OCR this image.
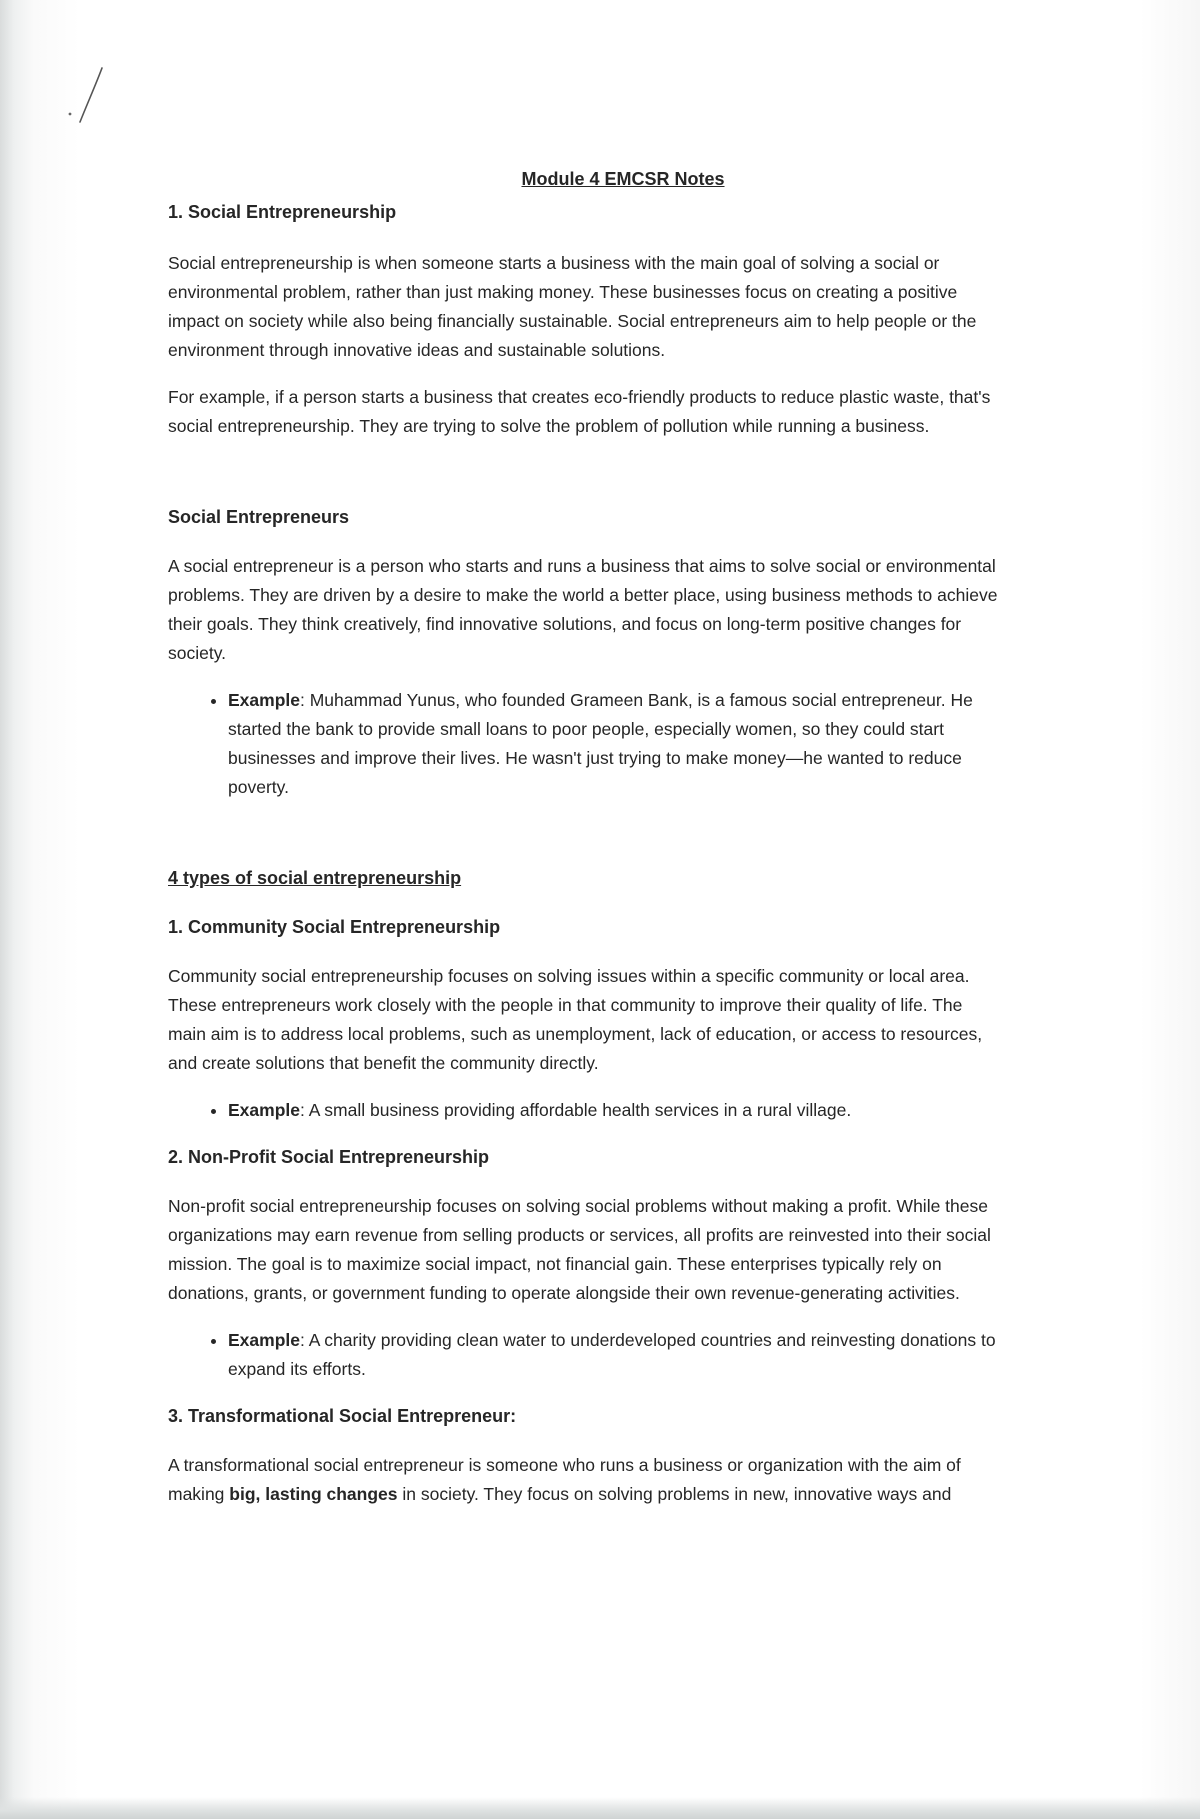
Module 4 EMCSR Notes
1. Social Entrepreneurship

Social entrepreneurship is when someone starts a business with the main goal of solving a social or environmental problem, rather than just making money. These businesses focus on creating a positive impact on society while also being financially sustainable. Social entrepreneurs aim to help people or the environment through innovative ideas and sustainable solutions.

For example, if a person starts a business that creates eco-friendly products to reduce plastic waste, that's social entrepreneurship. They are trying to solve the problem of pollution while running a business.

Social Entrepreneurs

A social entrepreneur is a person who starts and runs a business that aims to solve social or environmental problems. They are driven by a desire to make the world a better place, using business methods to achieve their goals. They think creatively, find innovative solutions, and focus on long-term positive changes for society.

• Example: Muhammad Yunus, who founded Grameen Bank, is a famous social entrepreneur. He started the bank to provide small loans to poor people, especially women, so they could start businesses and improve their lives. He wasn't just trying to make money—he wanted to reduce poverty.
4 types of social entrepreneurship
1. Community Social Entrepreneurship

Community social entrepreneurship focuses on solving issues within a specific community or local area. These entrepreneurs work closely with the people in that community to improve their quality of life. The main aim is to address local problems, such as unemployment, lack of education, or access to resources, and create solutions that benefit the community directly.

• Example: A small business providing affordable health services in a rural village.
2. Non-Profit Social Entrepreneurship

Non-profit social entrepreneurship focuses on solving social problems without making a profit. While these organizations may earn revenue from selling products or services, all profits are reinvested into their social mission. The goal is to maximize social impact, not financial gain. These enterprises typically rely on donations, grants, or government funding to operate alongside their own revenue-generating activities.

• Example: A charity providing clean water to underdeveloped countries and reinvesting donations to expand its efforts.
3. Transformational Social Entrepreneur:

A transformational social entrepreneur is someone who runs a business or organization with the aim of making big, lasting changes in society. They focus on solving problems in new, innovative ways and
